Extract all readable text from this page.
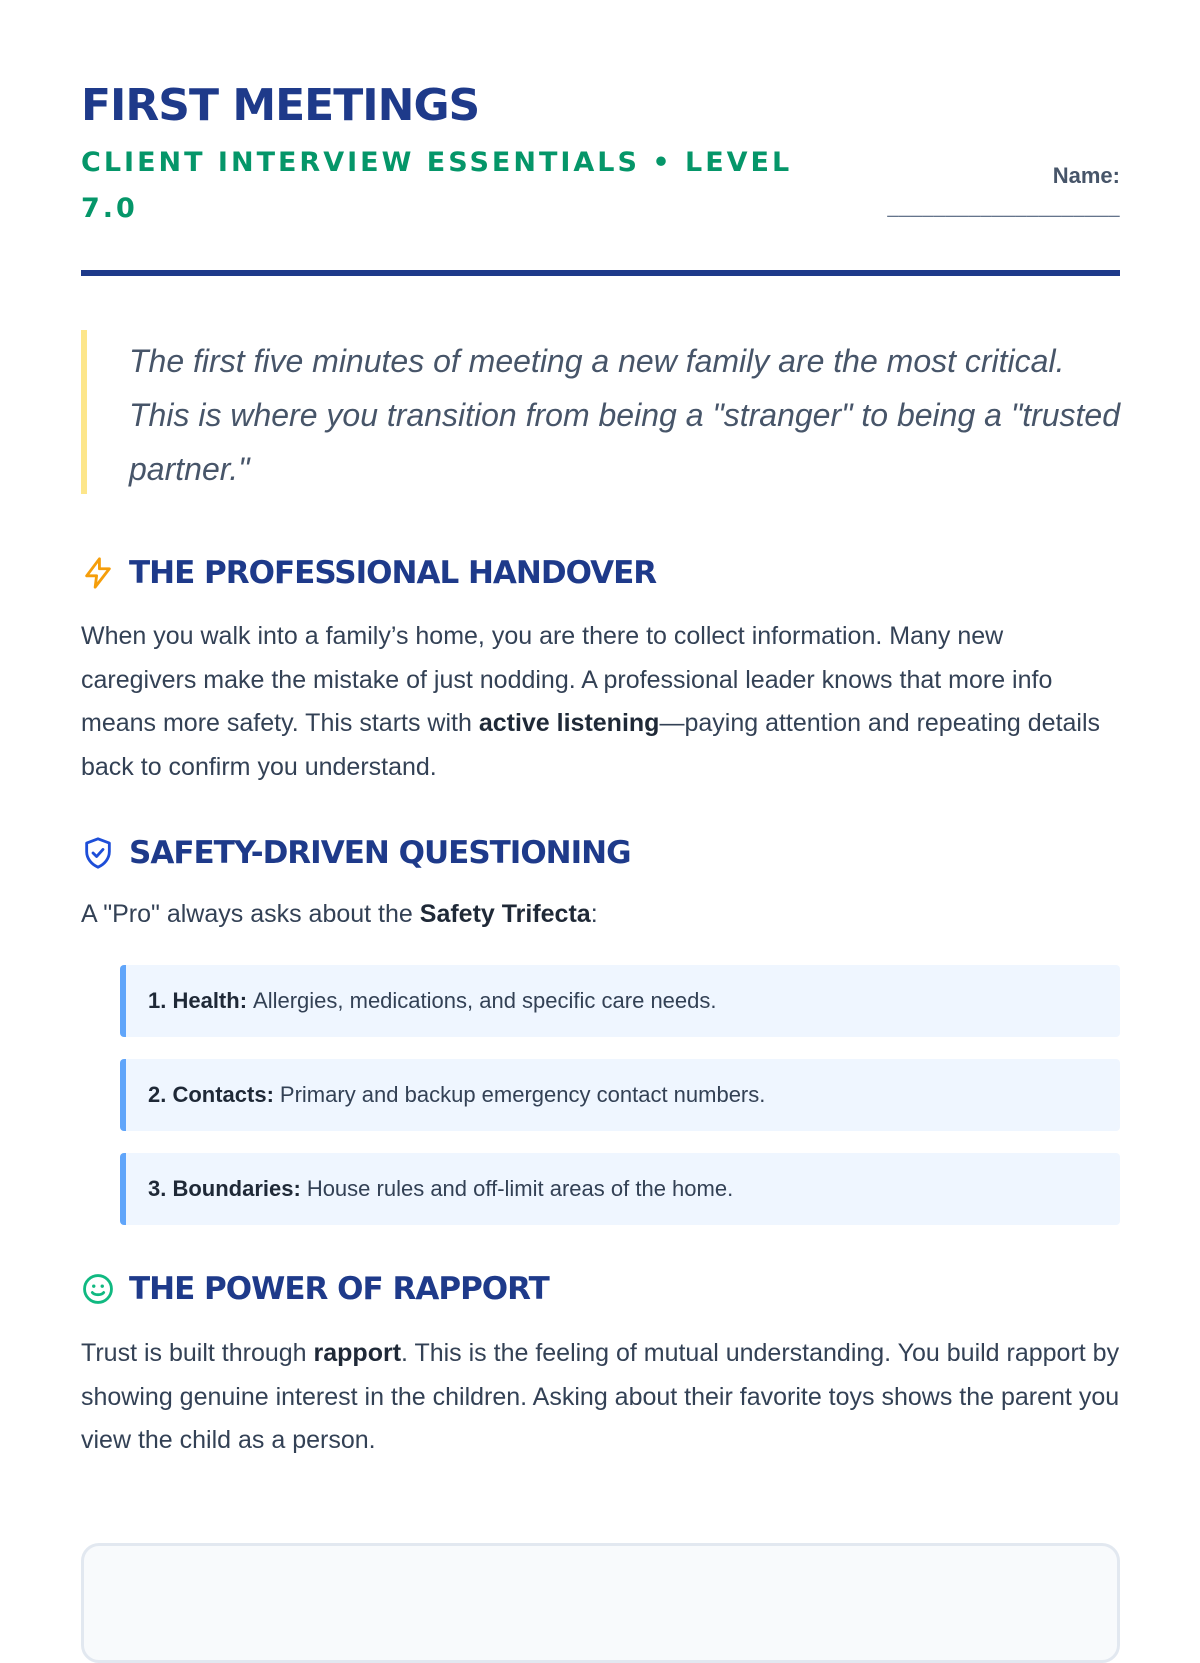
FIRST MEETINGS
CLIENT INTERVIEW ESSENTIALS • LEVEL 7.0
Name:
____________________

The first five minutes of meeting a new family are the most critical. This is where you transition from being a "stranger" to being a "trusted partner."

THE PROFESSIONAL HANDOVER

When you walk into a family’s home, you are there to collect information. Many new caregivers make the mistake of just nodding. A professional leader knows that more info means more safety. This starts with active listening—paying attention and repeating details back to confirm you understand.

SAFETY-DRIVEN QUESTIONING

A "Pro" always asks about the Safety Trifecta:

1. Health: Allergies, medications, and specific care needs.
2. Contacts: Primary and backup emergency contact numbers.
3. Boundaries: House rules and off-limit areas of the home.
THE POWER OF RAPPORT

Trust is built through rapport. This is the feeling of mutual understanding. You build rapport by showing genuine interest in the children. Asking about their favorite toys shows the parent you view the child as a person.
